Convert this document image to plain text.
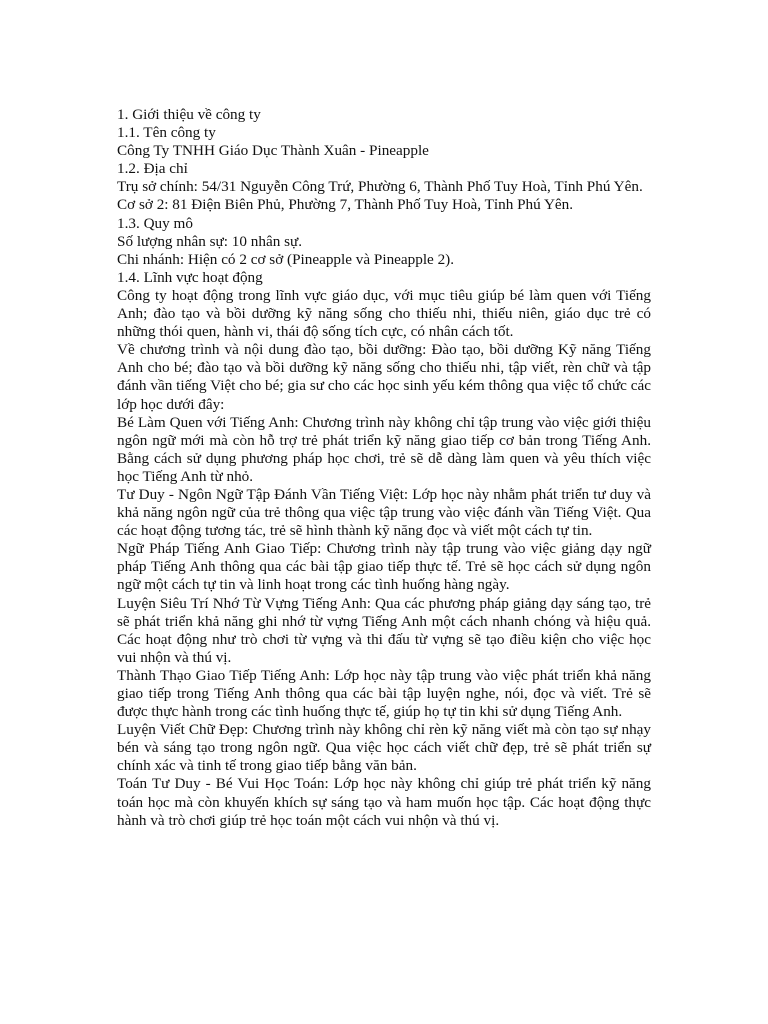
1. Giới thiệu về công ty

1.1. Tên công ty

Công Ty TNHH Giáo Dục Thành Xuân - Pineapple

1.2. Địa chỉ

Trụ sở chính: 54/31 Nguyễn Công Trứ, Phường 6, Thành Phố Tuy Hoà, Tỉnh Phú Yên.

Cơ sở 2: 81 Điện Biên Phủ, Phường 7, Thành Phố Tuy Hoà, Tỉnh Phú Yên.

1.3. Quy mô

Số lượng nhân sự: 10 nhân sự.

Chi nhánh: Hiện có 2 cơ sở (Pineapple và Pineapple 2).

1.4. Lĩnh vực hoạt động

Công ty hoạt động trong lĩnh vực giáo dục, với mục tiêu giúp bé làm quen với Tiếng Anh; đào tạo và bồi dưỡng kỹ năng sống cho thiếu nhi, thiếu niên, giáo dục trẻ có những thói quen, hành vi, thái độ sống tích cực, có nhân cách tốt.

Về chương trình và nội dung đào tạo, bồi dưỡng: Đào tạo, bồi dưỡng Kỹ năng Tiếng Anh cho bé; đào tạo và bồi dưỡng kỹ năng sống cho thiếu nhi, tập viết, rèn chữ và tập đánh vần tiếng Việt cho bé; gia sư cho các học sinh yếu kém thông qua việc tổ chức các lớp học dưới đây:

Bé Làm Quen với Tiếng Anh: Chương trình này không chỉ tập trung vào việc giới thiệu ngôn ngữ mới mà còn hỗ trợ trẻ phát triển kỹ năng giao tiếp cơ bản trong Tiếng Anh. Bằng cách sử dụng phương pháp học chơi, trẻ sẽ dễ dàng làm quen và yêu thích việc học Tiếng Anh từ nhỏ.

Tư Duy - Ngôn Ngữ Tập Đánh Vần Tiếng Việt: Lớp học này nhằm phát triển tư duy và khả năng ngôn ngữ của trẻ thông qua việc tập trung vào việc đánh vần Tiếng Việt. Qua các hoạt động tương tác, trẻ sẽ hình thành kỹ năng đọc và viết một cách tự tin.

Ngữ Pháp Tiếng Anh Giao Tiếp: Chương trình này tập trung vào việc giảng dạy ngữ pháp Tiếng Anh thông qua các bài tập giao tiếp thực tế. Trẻ sẽ học cách sử dụng ngôn ngữ một cách tự tin và linh hoạt trong các tình huống hàng ngày.

Luyện Siêu Trí Nhớ Từ Vựng Tiếng Anh: Qua các phương pháp giảng dạy sáng tạo, trẻ sẽ phát triển khả năng ghi nhớ từ vựng Tiếng Anh một cách nhanh chóng và hiệu quả. Các hoạt động như trò chơi từ vựng và thi đấu từ vựng sẽ tạo điều kiện cho việc học vui nhộn và thú vị.

Thành Thạo Giao Tiếp Tiếng Anh: Lớp học này tập trung vào việc phát triển khả năng giao tiếp trong Tiếng Anh thông qua các bài tập luyện nghe, nói, đọc và viết. Trẻ sẽ được thực hành trong các tình huống thực tế, giúp họ tự tin khi sử dụng Tiếng Anh.

Luyện Viết Chữ Đẹp: Chương trình này không chỉ rèn kỹ năng viết mà còn tạo sự nhạy bén và sáng tạo trong ngôn ngữ. Qua việc học cách viết chữ đẹp, trẻ sẽ phát triển sự chính xác và tinh tế trong giao tiếp bằng văn bản.

Toán Tư Duy - Bé Vui Học Toán: Lớp học này không chỉ giúp trẻ phát triển kỹ năng toán học mà còn khuyến khích sự sáng tạo và ham muốn học tập. Các hoạt động thực hành và trò chơi giúp trẻ học toán một cách vui nhộn và thú vị.
